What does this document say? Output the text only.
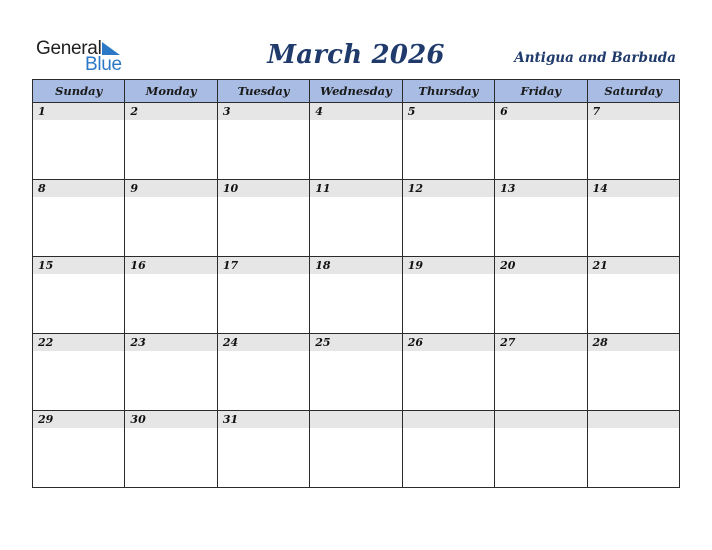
General
Blue	March 2026	Antigua and Barbuda
Sunday	Monday	Tuesday	Wednesday	Thursday	Friday	Saturday

1	2	3	4	5	6	7

8	9	10	11	12	13	14

15	16	17	18	19	20	21

22	23	24	25	26	27	28

29	30	31				
